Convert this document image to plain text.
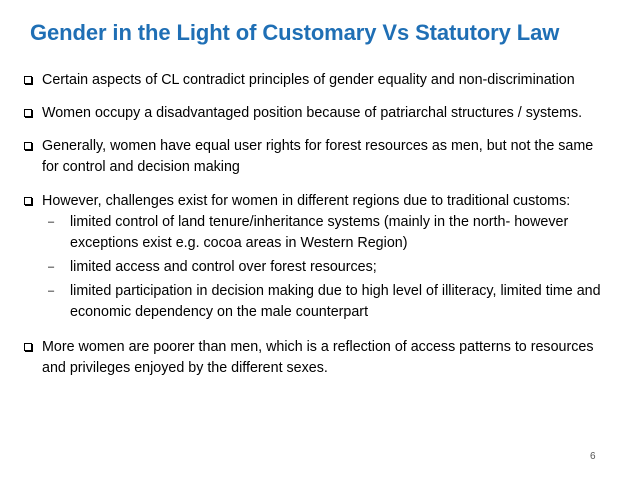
Gender in the Light of Customary Vs Statutory Law
Certain aspects of CL contradict principles of gender equality and non-discrimination
Women occupy a disadvantaged position because of patriarchal structures / systems.
Generally, women have equal user rights for forest resources as men, but not the same for control and decision making
However, challenges exist for women in different regions due to traditional customs:
– limited control of land tenure/inheritance systems (mainly in the north- however exceptions exist e.g. cocoa areas in Western Region)
– limited access and control over forest resources;
– limited participation in decision making due to high level of illiteracy, limited time and economic dependency on the male counterpart
More women are poorer than men, which is a reflection of access patterns to resources and privileges enjoyed by the different sexes.
6
